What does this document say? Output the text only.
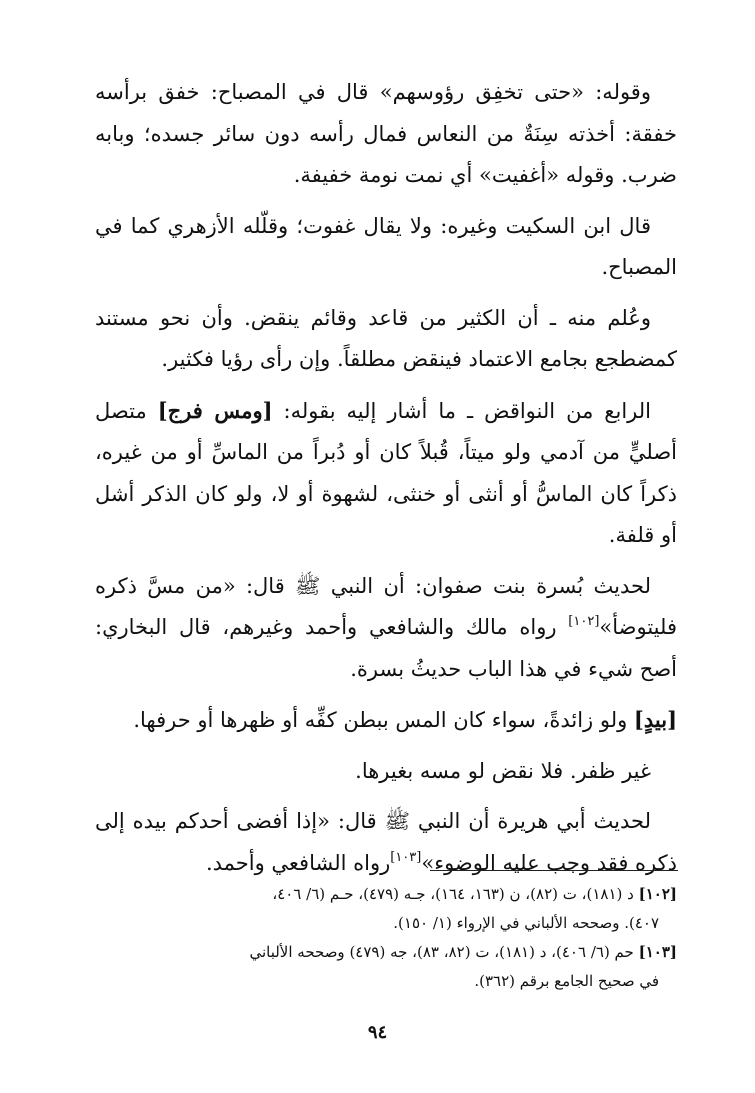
وقوله: «حتى تخفِق رؤوسهم» قال في المصباح: خفق برأسه خفقة: أخذته سِنَةٌ من النعاس فمال رأسه دون سائر جسده؛ وبابه ضرب. وقوله «أغفيت» أي نمت نومة خفيفة.

قال ابن السكيت وغيره: ولا يقال غفوت؛ وقلّله الأزهري كما في المصباح.

وعُلم منه ـ أن الكثير من قاعد وقائم ينقض. وأن نحو مستند كمضطجع بجامع الاعتماد فينقض مطلقاً. وإن رأى رؤيا فكثير.

الرابع من النواقض ـ ما أشار إليه بقوله: [ومس فرج] متصل أصليٍّ من آدمي ولو ميتاً، قُبلاً كان أو دُبراً من الماسِّ أو من غيره، ذكراً كان الماسُّ أو أنثى أو خنثى، لشهوة أو لا، ولو كان الذكر أشل أو قلفة.

لحديث بُسرة بنت صفوان: أن النبي ﷺ قال: «من مسَّ ذكره فليتوضأ»[١٠٢] رواه مالك والشافعي وأحمد وغيرهم، قال البخاري: أصح شيء في هذا الباب حديثُ بسرة.

[بيدٍ] ولو زائدةً، سواء كان المس ببطن كفِّه أو ظهرها أو حرفها.

غير ظفر. فلا نقض لو مسه بغيرها.

لحديث أبي هريرة أن النبي ﷺ قال: «إذا أفضى أحدكم بيده إلى ذكره فقد وجب عليه الوضوء»[١٠٣]رواه الشافعي وأحمد.

[١٠٢] د (١٨١)، ت (٨٢)، ن (١٦٣، ١٦٤)، جـه (٤٧٩)، حـم (٦/ ٤٠٦،
٤٠٧). وصححه الألباني في الإرواء (١/ ١٥٠).
[١٠٣] حم (٦/ ٤٠٦)، د (١٨١)، ت (٨٢، ٨٣)، جه (٤٧٩) وصححه الألباني
في صحيح الجامع برقم (٣٦٢).
٩٤
